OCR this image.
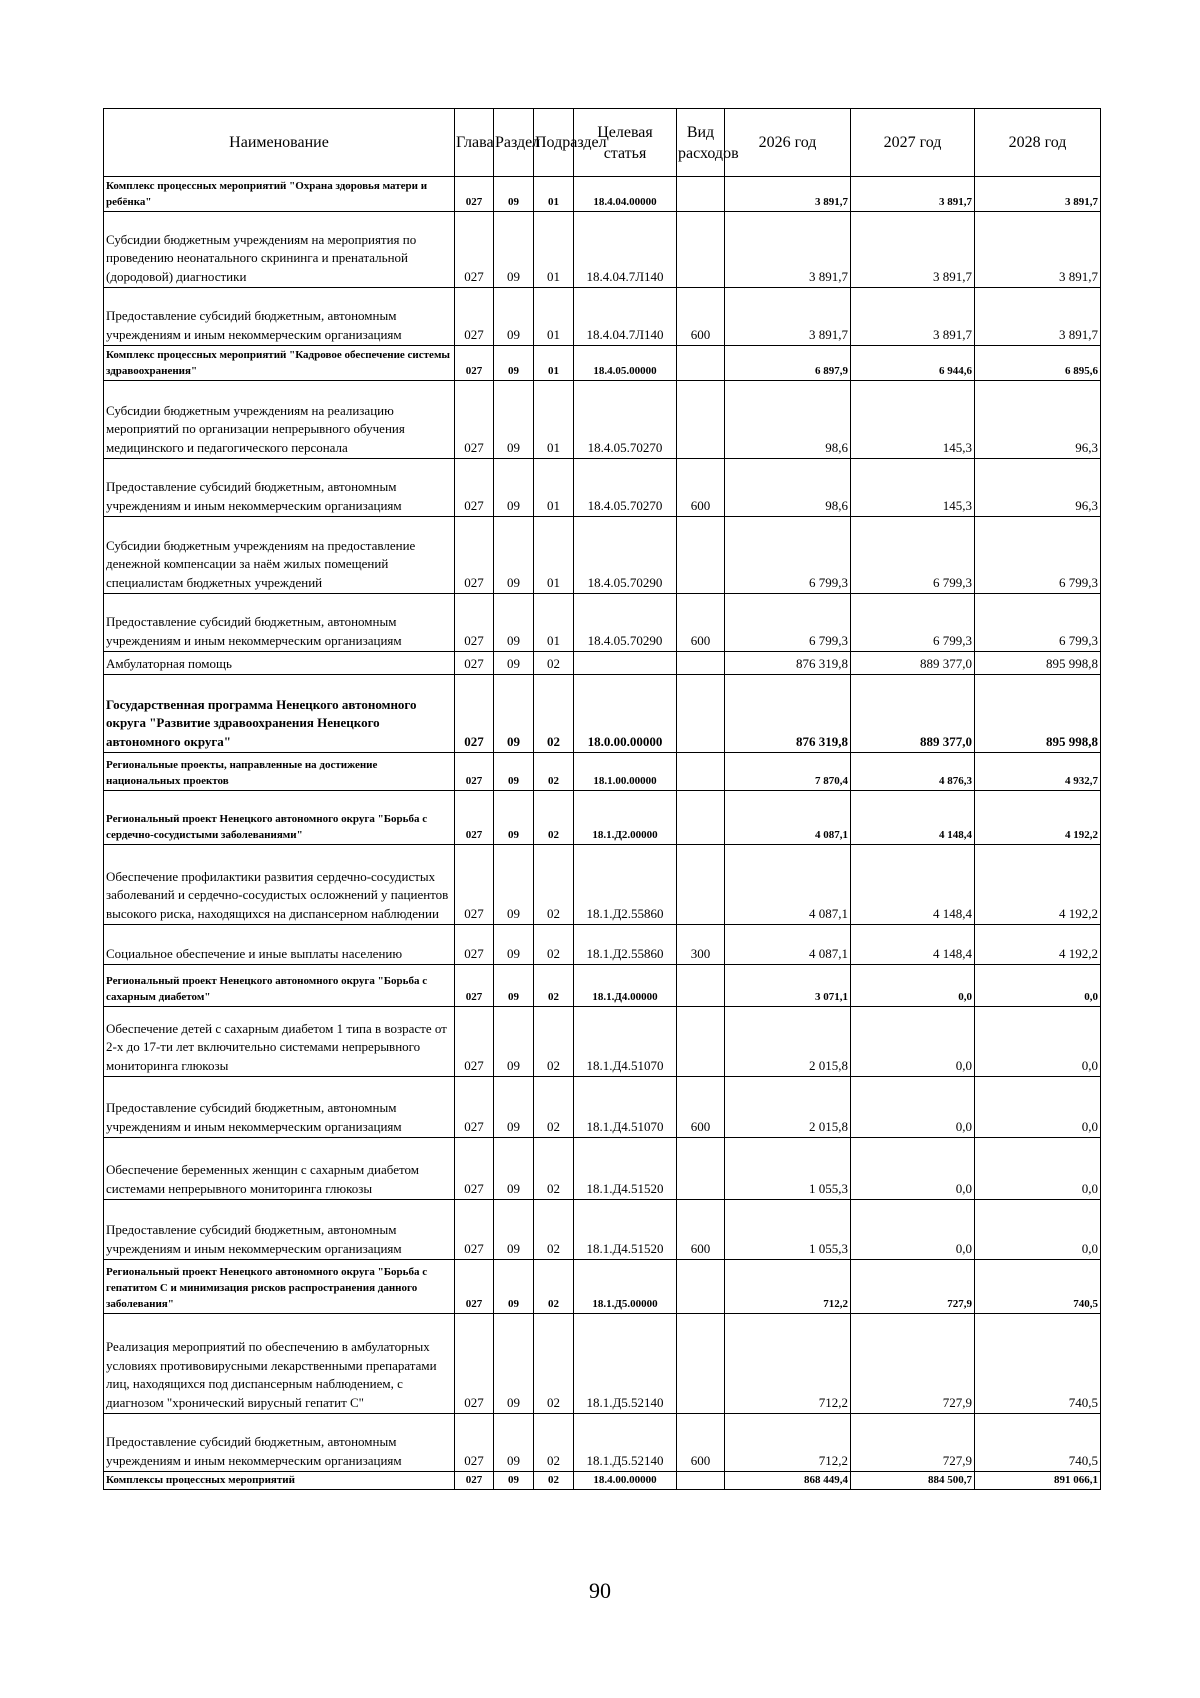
Наименование	Глава	Раздел	Подраздел	Целевая статья	Вид расходов	2026 год	2027 год	2028 год
Комплекс процессных мероприятий "Охрана здоровья матери и ребёнка"	027	09	01	18.4.04.00000		3 891,7	3 891,7	3 891,7
Субсидии бюджетным учреждениям на мероприятия по проведению неонатального скрининга и пренатальной (дородовой) диагностики	027	09	01	18.4.04.7Л140		3 891,7	3 891,7	3 891,7
Предоставление субсидий бюджетным, автономным учреждениям и иным некоммерческим организациям	027	09	01	18.4.04.7Л140	600	3 891,7	3 891,7	3 891,7
Комплекс процессных мероприятий "Кадровое обеспечение системы здравоохранения"	027	09	01	18.4.05.00000		6 897,9	6 944,6	6 895,6
Субсидии бюджетным учреждениям на реализацию мероприятий по организации непрерывного обучения медицинского и педагогического персонала	027	09	01	18.4.05.70270		98,6	145,3	96,3
Предоставление субсидий бюджетным, автономным учреждениям и иным некоммерческим организациям	027	09	01	18.4.05.70270	600	98,6	145,3	96,3
Субсидии бюджетным учреждениям на предоставление денежной компенсации за наём жилых помещений специалистам бюджетных учреждений	027	09	01	18.4.05.70290		6 799,3	6 799,3	6 799,3
Предоставление субсидий бюджетным, автономным учреждениям и иным некоммерческим организациям	027	09	01	18.4.05.70290	600	6 799,3	6 799,3	6 799,3
Амбулаторная помощь	027	09	02			876 319,8	889 377,0	895 998,8
Государственная программа Ненецкого автономного округа "Развитие здравоохранения Ненецкого автономного округа"	027	09	02	18.0.00.00000		876 319,8	889 377,0	895 998,8
Региональные проекты, направленные на достижение национальных проектов	027	09	02	18.1.00.00000		7 870,4	4 876,3	4 932,7
Региональный проект Ненецкого автономного округа "Борьба с сердечно-сосудистыми заболеваниями"	027	09	02	18.1.Д2.00000		4 087,1	4 148,4	4 192,2
Обеспечение профилактики развития сердечно-сосудистых заболеваний и сердечно-сосудистых осложнений у пациентов высокого риска, находящихся на диспансерном наблюдении	027	09	02	18.1.Д2.55860		4 087,1	4 148,4	4 192,2
Социальное обеспечение и иные выплаты населению	027	09	02	18.1.Д2.55860	300	4 087,1	4 148,4	4 192,2
Региональный проект Ненецкого автономного округа "Борьба с сахарным диабетом"	027	09	02	18.1.Д4.00000		3 071,1	0,0	0,0
Обеспечение детей с сахарным диабетом 1 типа в возрасте от 2-х до 17-ти лет включительно системами непрерывного мониторинга глюкозы	027	09	02	18.1.Д4.51070		2 015,8	0,0	0,0
Предоставление субсидий бюджетным, автономным учреждениям и иным некоммерческим организациям	027	09	02	18.1.Д4.51070	600	2 015,8	0,0	0,0
Обеспечение беременных женщин с сахарным диабетом системами непрерывного мониторинга глюкозы	027	09	02	18.1.Д4.51520		1 055,3	0,0	0,0
Предоставление субсидий бюджетным, автономным учреждениям и иным некоммерческим организациям	027	09	02	18.1.Д4.51520	600	1 055,3	0,0	0,0
Региональный проект Ненецкого автономного округа "Борьба с гепатитом С и минимизация рисков распространения данного заболевания"	027	09	02	18.1.Д5.00000		712,2	727,9	740,5
Реализация мероприятий по обеспечению в амбулаторных условиях противовирусными лекарственными препаратами лиц, находящихся под диспансерным наблюдением, с диагнозом "хронический вирусный гепатит С"	027	09	02	18.1.Д5.52140		712,2	727,9	740,5
Предоставление субсидий бюджетным, автономным учреждениям и иным некоммерческим организациям	027	09	02	18.1.Д5.52140	600	712,2	727,9	740,5
Комплексы процессных мероприятий	027	09	02	18.4.00.00000		868 449,4	884 500,7	891 066,1
90
